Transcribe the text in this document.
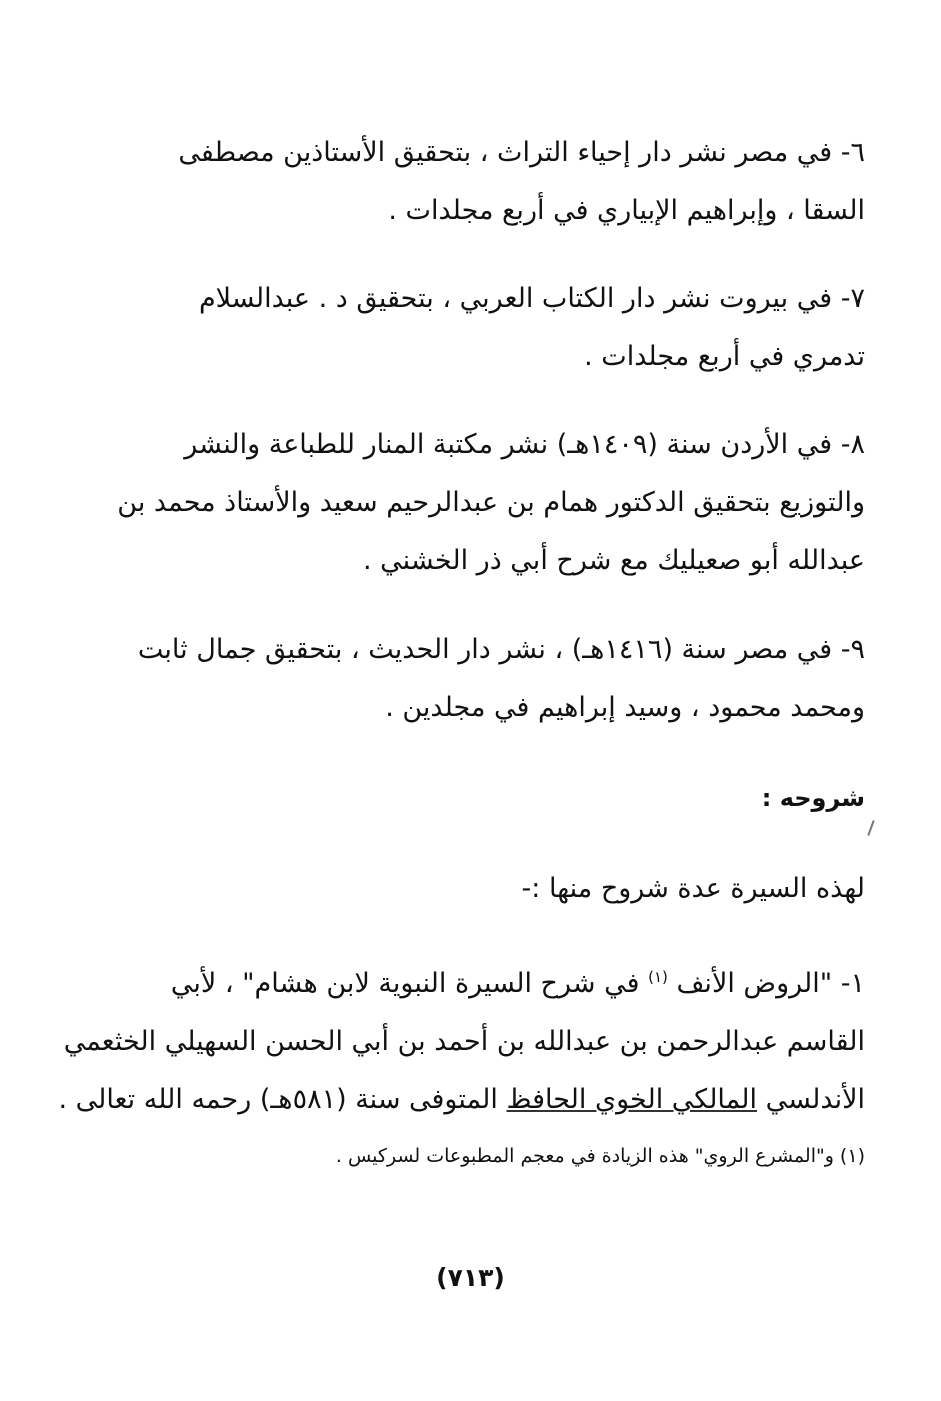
٦- في مصر نشر دار إحياء التراث ، بتحقيق الأستاذين مصطفى
السقا ، وإبراهيم الإبياري في أربع مجلدات .
٧- في بيروت نشر دار الكتاب العربي ، بتحقيق د . عبدالسلام
تدمري في أربع مجلدات .
٨- في الأردن سنة (١٤٠٩هـ) نشر مكتبة المنار للطباعة والنشر
والتوزيع بتحقيق الدكتور همام بن عبدالرحيم سعيد والأستاذ محمد بن
عبدالله أبو صعيليك مع شرح أبي ذر الخشني .
٩- في مصر سنة (١٤١٦هـ) ، نشر دار الحديث ، بتحقيق جمال ثابت
ومحمد محمود ، وسيد إبراهيم في مجلدين .
شروحه :
لهذه السيرة عدة شروح منها :-
١- "الروض الأنف $^{(١)}$ في شرح السيرة النبوية لابن هشام" ، لأبي
القاسم عبدالرحمن بن عبدالله بن أحمد بن أبي الحسن السهيلي الخثعمي
الأندلسي المالكي الخوي الحافظ المتوفى سنة (٥٨١هـ) رحمه الله تعالى .
(١) و"المشرع الروي" هذه الزيادة في معجم المطبوعات لسركيس .
(٧١٣)
